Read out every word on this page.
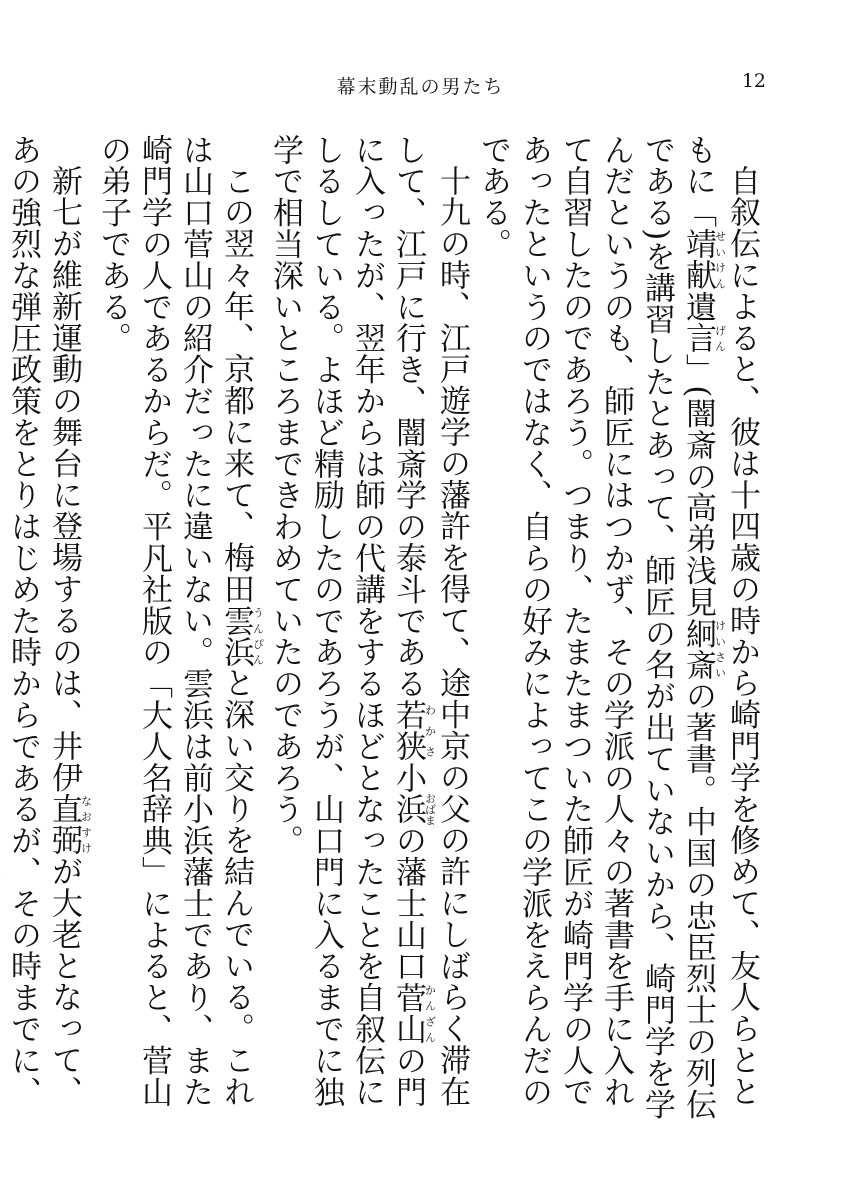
幕末動乱の男たち	12

自叙伝によると、彼は十四歳の時から崎門学を修めて、友人らとともに「靖献せいけん遺言げん」(闇斎の高弟浅見絅斎けいさいの著書。中国の忠臣烈士の列伝である)を講習したとあって、師匠の名が出ていないから、崎門学を学んだというのも、師匠にはつかず、その学派の人々の著書を手に入れて自習したのであろう。つまり、たまたまついた師匠が崎門学の人であったというのではなく、自らの好みによってこの学派をえらんだのである。

十九の時、江戸遊学の藩許を得て、途中京の父の許にしばらく滞在して、江戸に行き、闇斎学の泰斗である若狭わかさ小浜おばまの藩士山口菅山かんざんの門に入ったが、翌年からは師の代講をするほどとなったことを自叙伝にしるしている。よほど精励したのであろうが、山口門に入るまでに独学で相当深いところまできわめていたのであろう。

この翌々年、京都に来て、梅田雲浜うんぴんと深い交りを結んでいる。これは山口菅山の紹介だったに違いない。雲浜は前小浜藩士であり、また崎門学の人であるからだ。平凡社版の「大人名辞典」によると、菅山の弟子である。

新七が維新運動の舞台に登場するのは、井伊直弼なおすけが大老となって、あの強烈な弾圧政策をとりはじめた時からであるが、その時までに、
